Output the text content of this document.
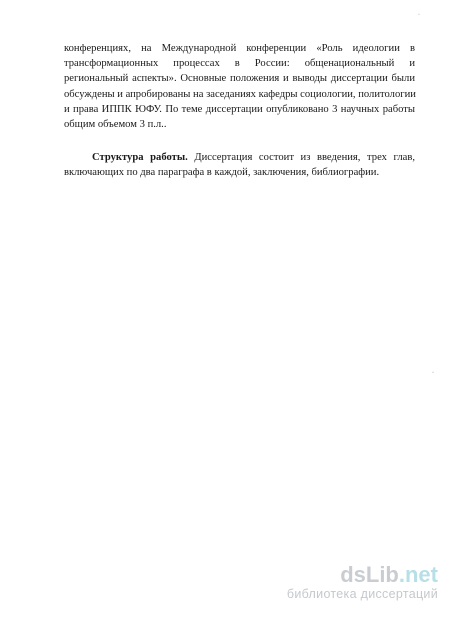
·
конференциях, на Международной конференции «Роль идеологии в
трансформационных процессах в России: общенациональный и
региональный аспекты». Основные положения и выводы диссертации были
обсуждены и апробированы на заседаниях кафедры социологии, политологии
и права ИППК ЮФУ. По теме диссертации опубликовано 3 научных работы
общим объемом 3 п.л..
Структура работы. Диссертация состоит из введения, трех глав,
включающих по два параграфа в каждой, заключения, библиографии.
·
dsLib.net
библиотека диссертаций
